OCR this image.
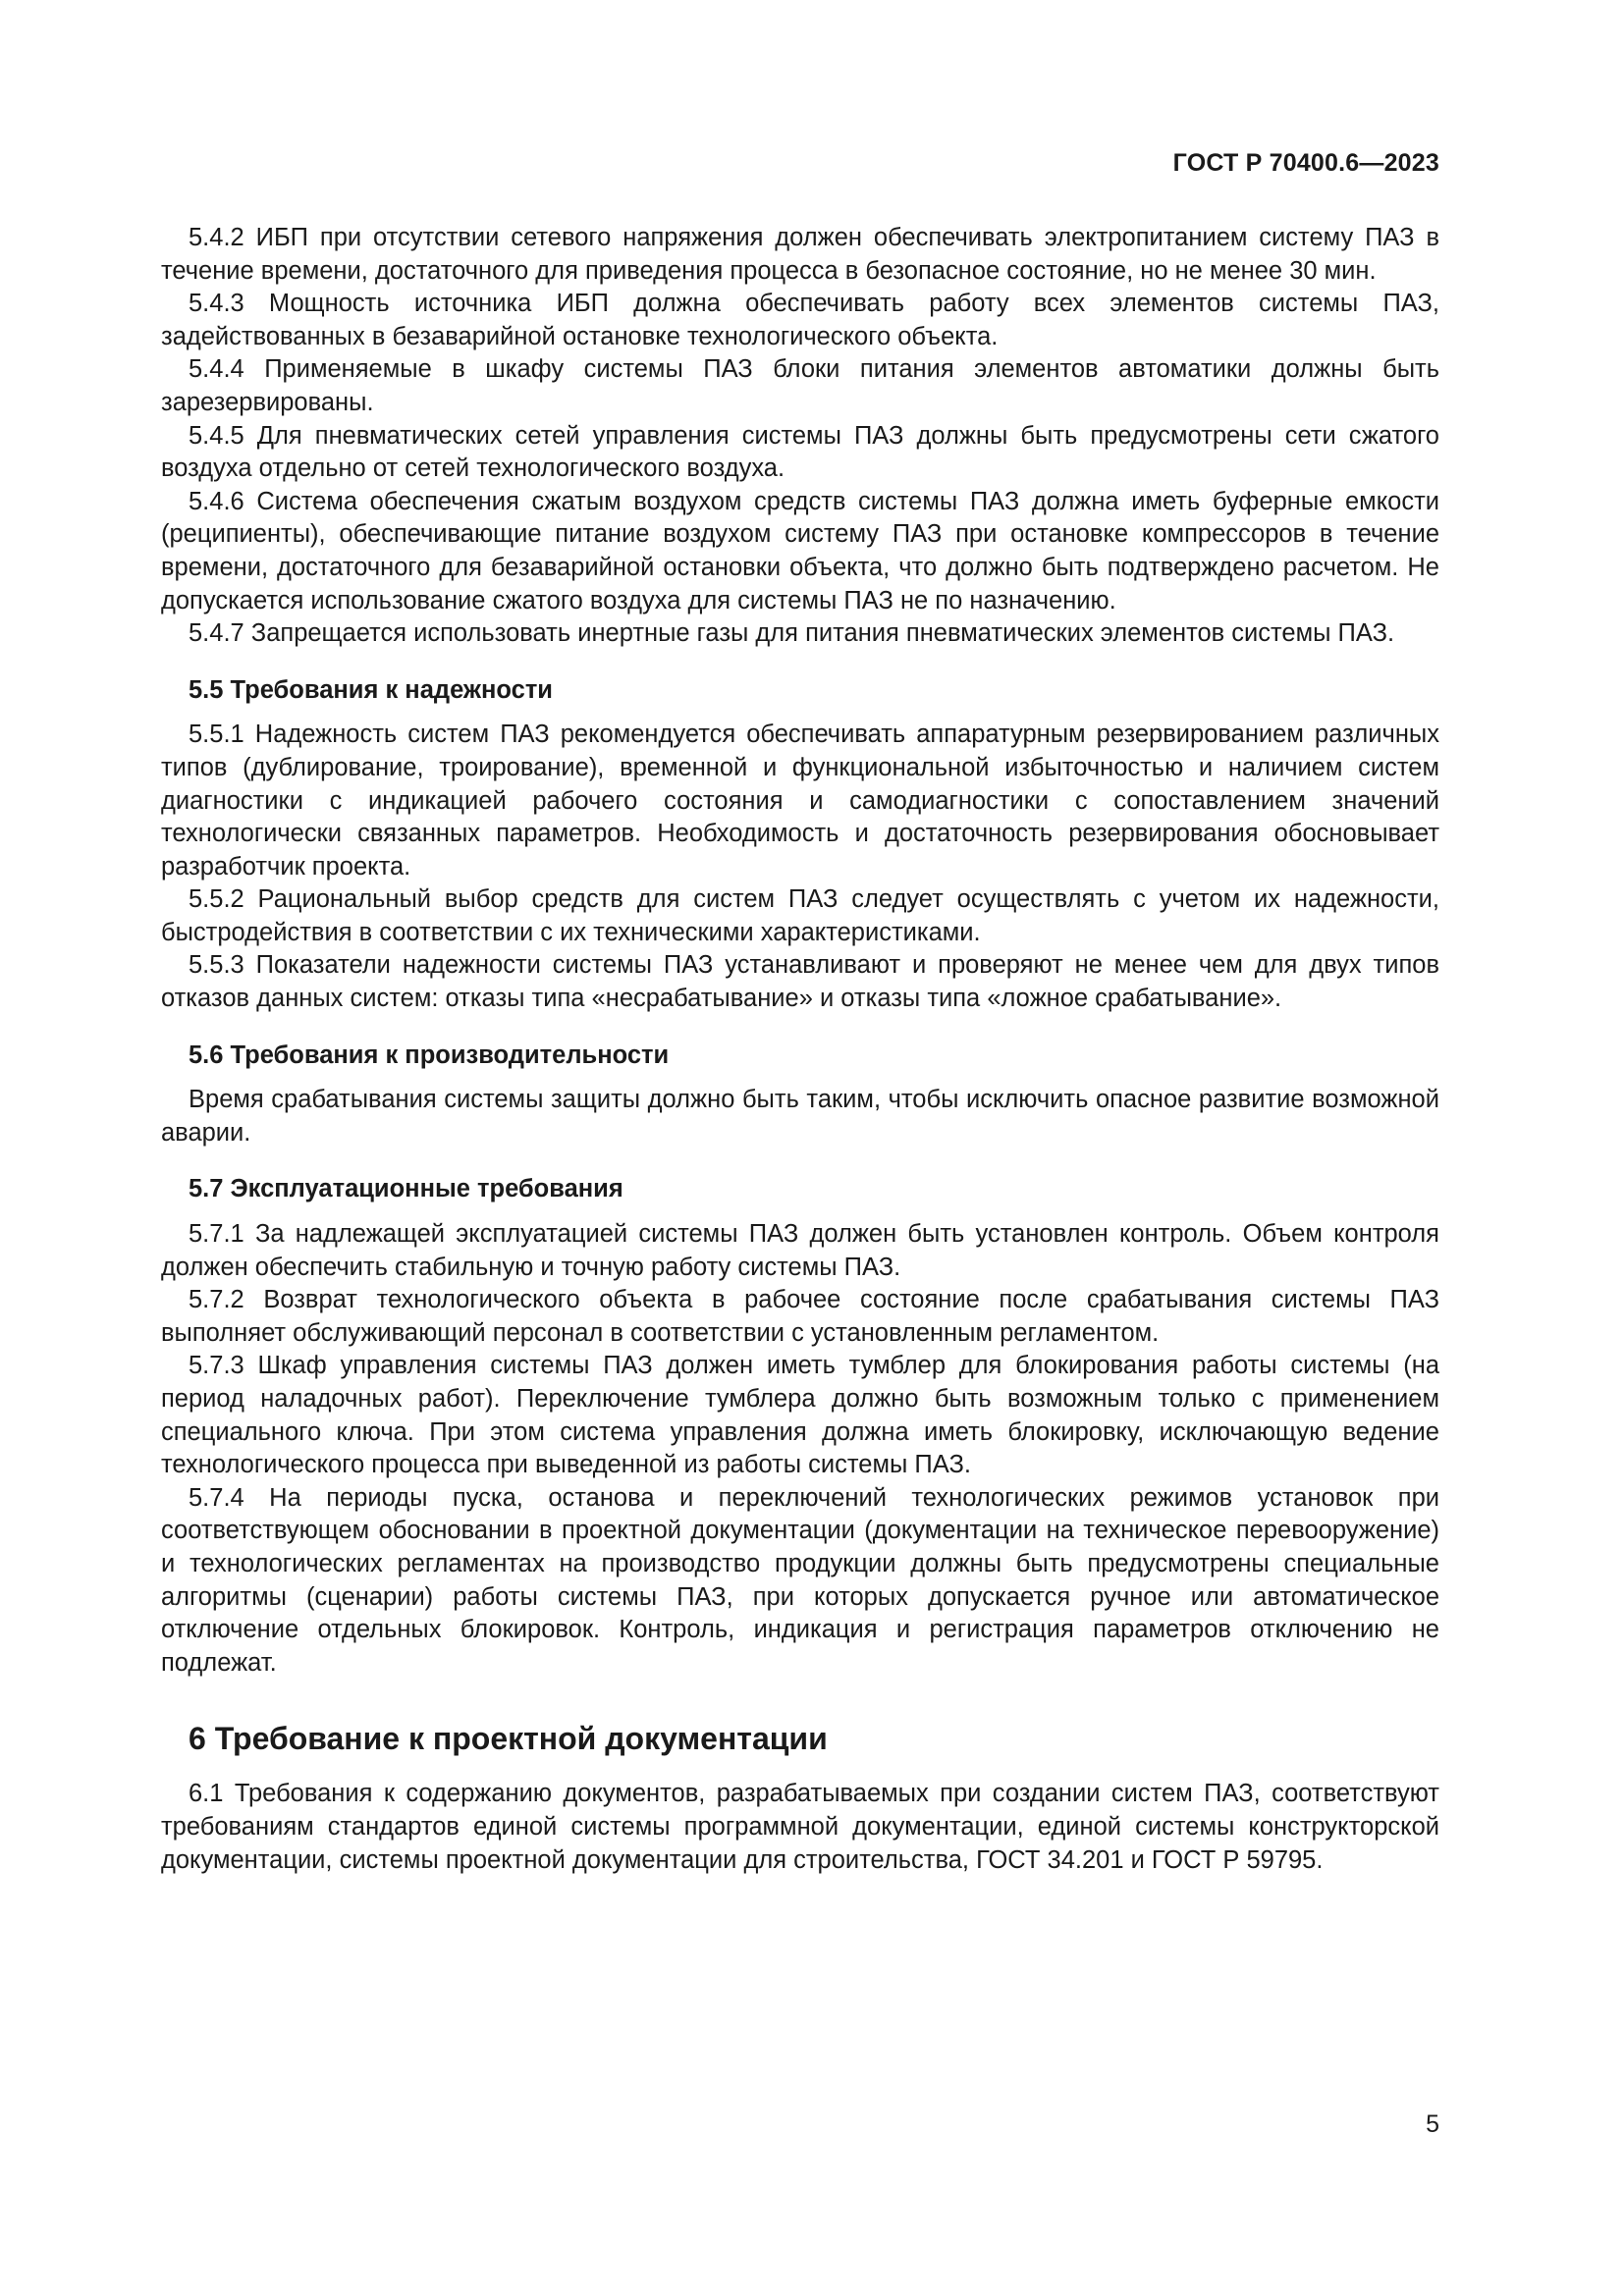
ГОСТ Р 70400.6—2023

5.4.2 ИБП при отсутствии сетевого напряжения должен обеспечивать электропитанием систему ПАЗ в течение времени, достаточного для приведения процесса в безопасное состояние, но не менее 30 мин.

5.4.3 Мощность источника ИБП должна обеспечивать работу всех элементов системы ПАЗ, задействованных в безаварийной остановке технологического объекта.

5.4.4 Применяемые в шкафу системы ПАЗ блоки питания элементов автоматики должны быть зарезервированы.

5.4.5 Для пневматических сетей управления системы ПАЗ должны быть предусмотрены сети сжатого воздуха отдельно от сетей технологического воздуха.

5.4.6 Система обеспечения сжатым воздухом средств системы ПАЗ должна иметь буферные емкости (реципиенты), обеспечивающие питание воздухом систему ПАЗ при остановке компрессоров в течение времени, достаточного для безаварийной остановки объекта, что должно быть подтверждено расчетом. Не допускается использование сжатого воздуха для системы ПАЗ не по назначению.

5.4.7 Запрещается использовать инертные газы для питания пневматических элементов системы ПАЗ.

5.5 Требования к надежности

5.5.1 Надежность систем ПАЗ рекомендуется обеспечивать аппаратурным резервированием различных типов (дублирование, троирование), временной и функциональной избыточностью и наличием систем диагностики с индикацией рабочего состояния и самодиагностики с сопоставлением значений технологически связанных параметров. Необходимость и достаточность резервирования обосновывает разработчик проекта.

5.5.2 Рациональный выбор средств для систем ПАЗ следует осуществлять с учетом их надежности, быстродействия в соответствии с их техническими характеристиками.

5.5.3 Показатели надежности системы ПАЗ устанавливают и проверяют не менее чем для двух типов отказов данных систем: отказы типа «несрабатывание» и отказы типа «ложное срабатывание».

5.6 Требования к производительности

Время срабатывания системы защиты должно быть таким, чтобы исключить опасное развитие возможной аварии.

5.7 Эксплуатационные требования

5.7.1 За надлежащей эксплуатацией системы ПАЗ должен быть установлен контроль. Объем контроля должен обеспечить стабильную и точную работу системы ПАЗ.

5.7.2 Возврат технологического объекта в рабочее состояние после срабатывания системы ПАЗ выполняет обслуживающий персонал в соответствии с установленным регламентом.

5.7.3 Шкаф управления системы ПАЗ должен иметь тумблер для блокирования работы системы (на период наладочных работ). Переключение тумблера должно быть возможным только с применением специального ключа. При этом система управления должна иметь блокировку, исключающую ведение технологического процесса при выведенной из работы системы ПАЗ.

5.7.4 На периоды пуска, останова и переключений технологических режимов установок при соответствующем обосновании в проектной документации (документации на техническое перевооружение) и технологических регламентах на производство продукции должны быть предусмотрены специальные алгоритмы (сценарии) работы системы ПАЗ, при которых допускается ручное или автоматическое отключение отдельных блокировок. Контроль, индикация и регистрация параметров отключению не подлежат.

6 Требование к проектной документации

6.1 Требования к содержанию документов, разрабатываемых при создании систем ПАЗ, соответствуют требованиям стандартов единой системы программной документации, единой системы конструкторской документации, системы проектной документации для строительства, ГОСТ 34.201 и ГОСТ Р 59795.

5
